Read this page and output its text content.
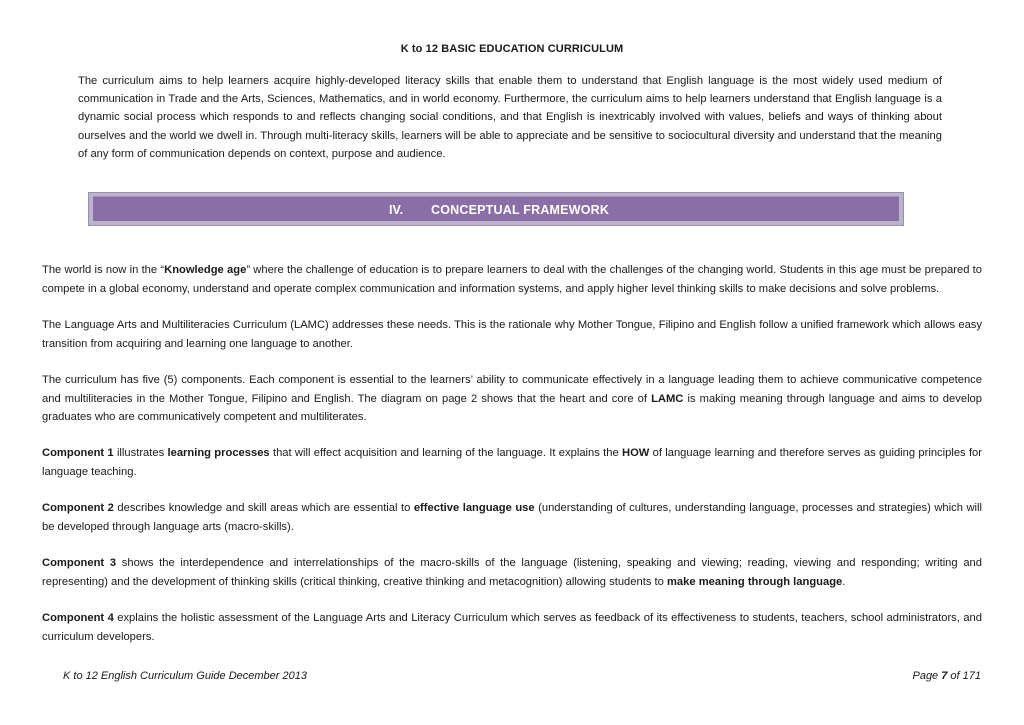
K to 12 BASIC EDUCATION CURRICULUM
The curriculum aims to help learners acquire highly-developed literacy skills that enable them to understand that English language is the most widely used medium of communication in Trade and the Arts, Sciences, Mathematics, and in world economy. Furthermore, the curriculum aims to help learners understand that English language is a dynamic social process which responds to and reflects changing social conditions, and that English is inextricably involved with values, beliefs and ways of thinking about ourselves and the world we dwell in. Through multi-literacy skills, learners will be able to appreciate and be sensitive to sociocultural diversity and understand that the meaning of any form of communication depends on context, purpose and audience.
IV. CONCEPTUAL FRAMEWORK

The world is now in the “Knowledge age” where the challenge of education is to prepare learners to deal with the challenges of the changing world. Students in this age must be prepared to compete in a global economy, understand and operate complex communication and information systems, and apply higher level thinking skills to make decisions and solve problems.

The Language Arts and Multiliteracies Curriculum (LAMC) addresses these needs. This is the rationale why Mother Tongue, Filipino and English follow a unified framework which allows easy transition from acquiring and learning one language to another.

The curriculum has five (5) components. Each component is essential to the learners’ ability to communicate effectively in a language leading them to achieve communicative competence and multiliteracies in the Mother Tongue, Filipino and English. The diagram on page 2 shows that the heart and core of LAMC is making meaning through language and aims to develop graduates who are communicatively competent and multiliterates.

Component 1 illustrates learning processes that will effect acquisition and learning of the language. It explains the HOW of language learning and therefore serves as guiding principles for language teaching.

Component 2 describes knowledge and skill areas which are essential to effective language use (understanding of cultures, understanding language, processes and strategies) which will be developed through language arts (macro-skills).

Component 3 shows the interdependence and interrelationships of the macro-skills of the language (listening, speaking and viewing; reading, viewing and responding; writing and representing) and the development of thinking skills (critical thinking, creative thinking and metacognition) allowing students to make meaning through language.

Component 4 explains the holistic assessment of the Language Arts and Literacy Curriculum which serves as feedback of its effectiveness to students, teachers, school administrators, and curriculum developers.

K to 12 English Curriculum Guide December 2013	Page 7 of 171
